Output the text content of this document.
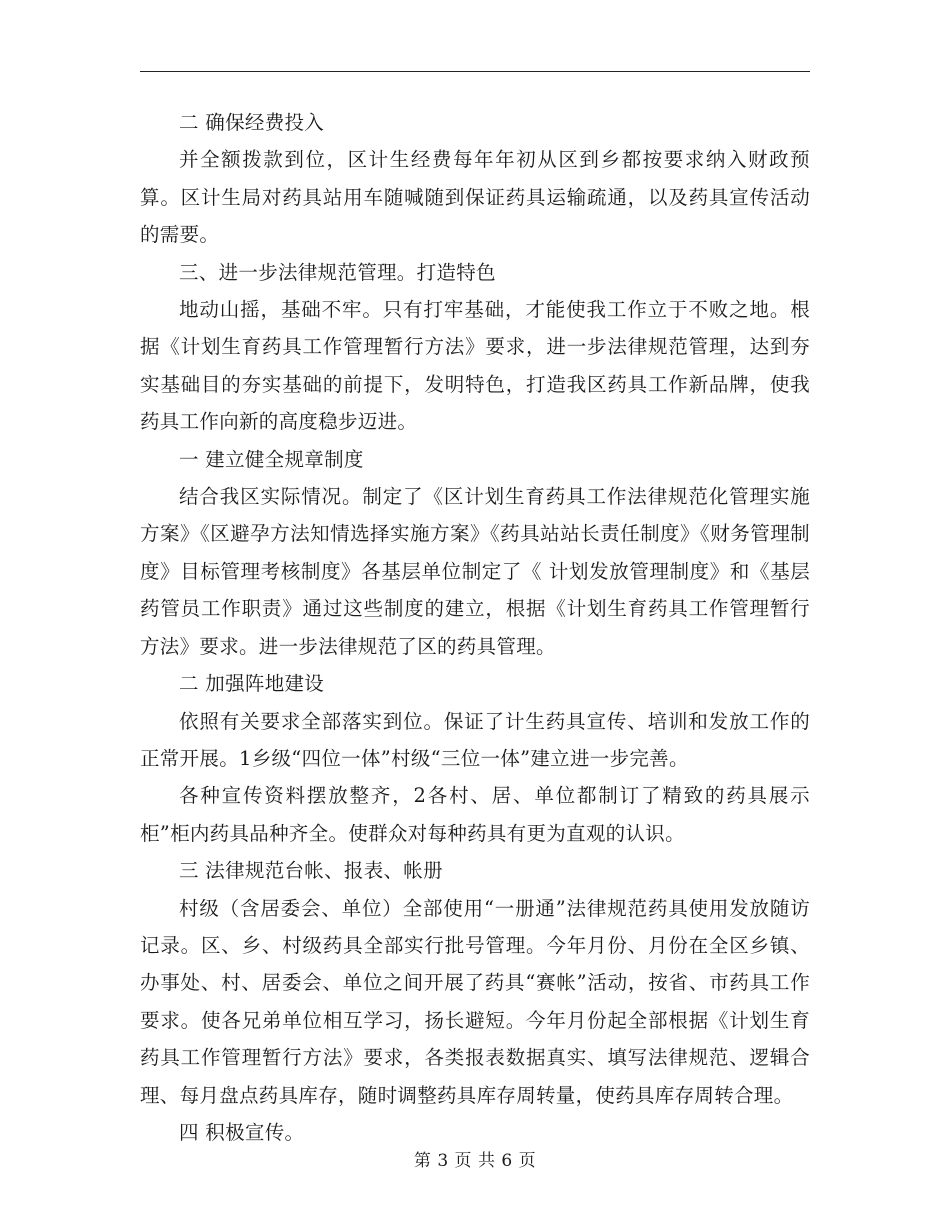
二 确保经费投入

并全额拨款到位，区计生经费每年年初从区到乡都按要求纳入财政预算。区计生局对药具站用车随喊随到保证药具运输疏通，以及药具宣传活动的需要。

三、进一步法律规范管理。打造特色

地动山摇，基础不牢。只有打牢基础，才能使我工作立于不败之地。根据《计划生育药具工作管理暂行方法》要求，进一步法律规范管理，达到夯实基础目的夯实基础的前提下，发明特色，打造我区药具工作新品牌，使我药具工作向新的高度稳步迈进。

一 建立健全规章制度

结合我区实际情况。制定了《区计划生育药具工作法律规范化管理实施方案》《区避孕方法知情选择实施方案》《药具站站长责任制度》《财务管理制度》目标管理考核制度》各基层单位制定了《 计划发放管理制度》和《基层药管员工作职责》通过这些制度的建立，根据《计划生育药具工作管理暂行方法》要求。进一步法律规范了区的药具管理。

二 加强阵地建设

依照有关要求全部落实到位。保证了计生药具宣传、培训和发放工作的正常开展。1乡级“四位一体”村级“三位一体”建立进一步完善。

各种宣传资料摆放整齐，2各村、居、单位都制订了精致的药具展示柜”柜内药具品种齐全。使群众对每种药具有更为直观的认识。

三 法律规范台帐、报表、帐册

村级（含居委会、单位）全部使用“一册通”法律规范药具使用发放随访记录。区、乡、村级药具全部实行批号管理。今年月份、月份在全区乡镇、办事处、村、居委会、单位之间开展了药具“赛帐”活动，按省、市药具工作要求。使各兄弟单位相互学习，扬长避短。今年月份起全部根据《计划生育药具工作管理暂行方法》要求，各类报表数据真实、填写法律规范、逻辑合理、每月盘点药具库存，随时调整药具库存周转量，使药具库存周转合理。

四 积极宣传。

第 3 页 共 6 页
